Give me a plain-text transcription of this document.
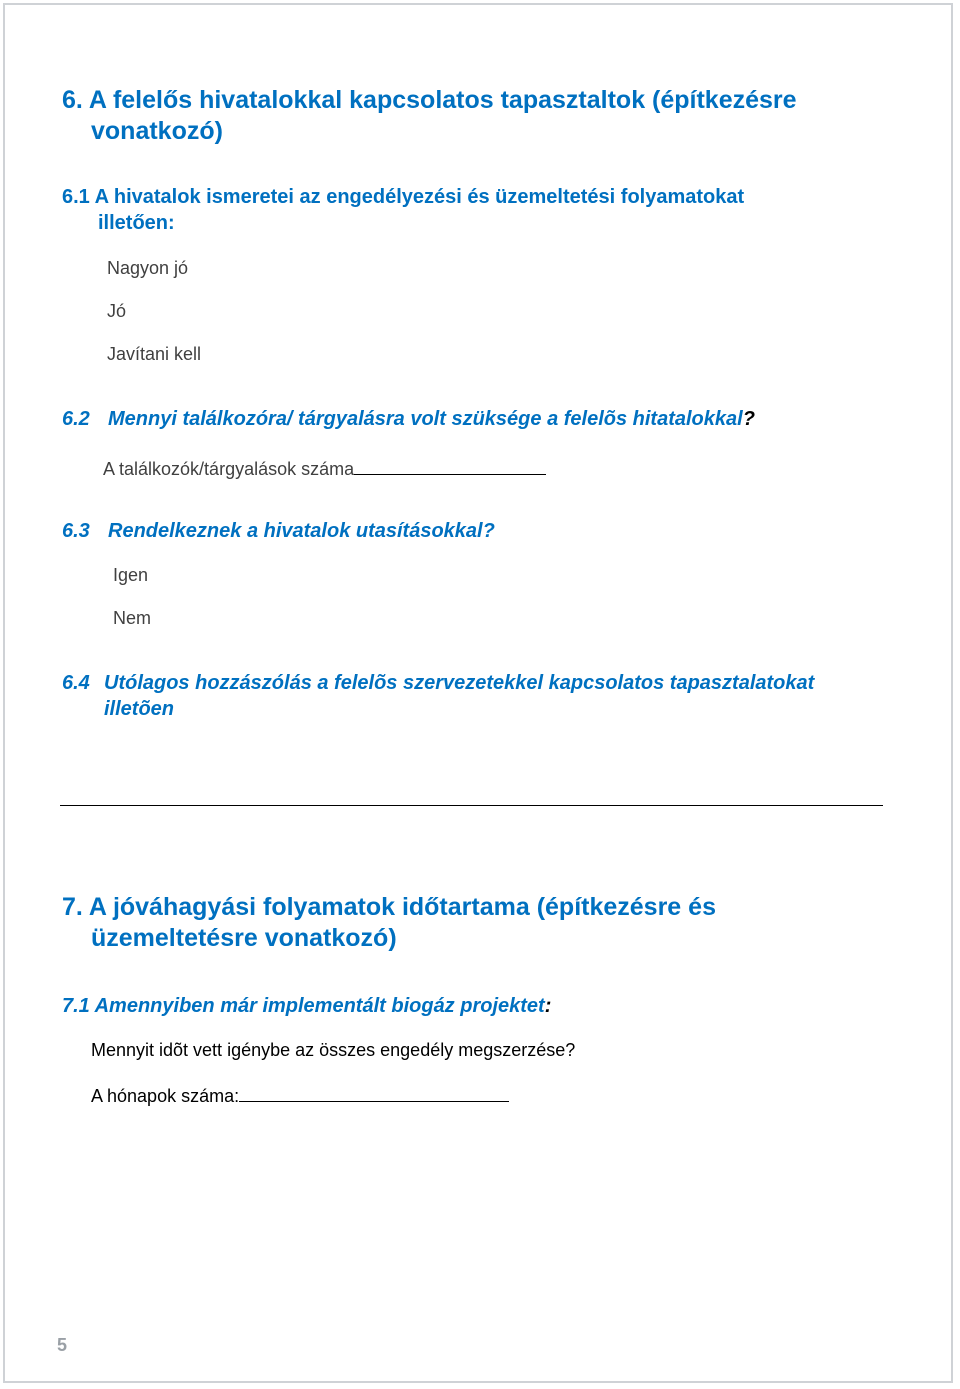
6. A felelős hivatalokkal kapcsolatos tapasztaltok (építkezésre
vonatkozó)
6.1 A hivatalok ismeretei az engedélyezési és üzemeltetési folyamatokat
illetően:
Nagyon jó
Jó
Javítani kell
6.2 Mennyi találkozóra/ tárgyalásra volt szüksége a felelõs hitatalokkal?
A találkozók/tárgyalások száma
6.3 Rendelkeznek a hivatalok utasításokkal?
Igen
Nem
6.4 Utólagos hozzászólás a felelõs szervezetekkel kapcsolatos tapasztalatokat
illetõen
7. A jóváhagyási folyamatok időtartama (építkezésre és
üzemeltetésre vonatkozó)
7.1 Amennyiben már implementált biogáz projektet:
Mennyit idõt vett igénybe az összes engedély megszerzése?
A hónapok száma:
5
